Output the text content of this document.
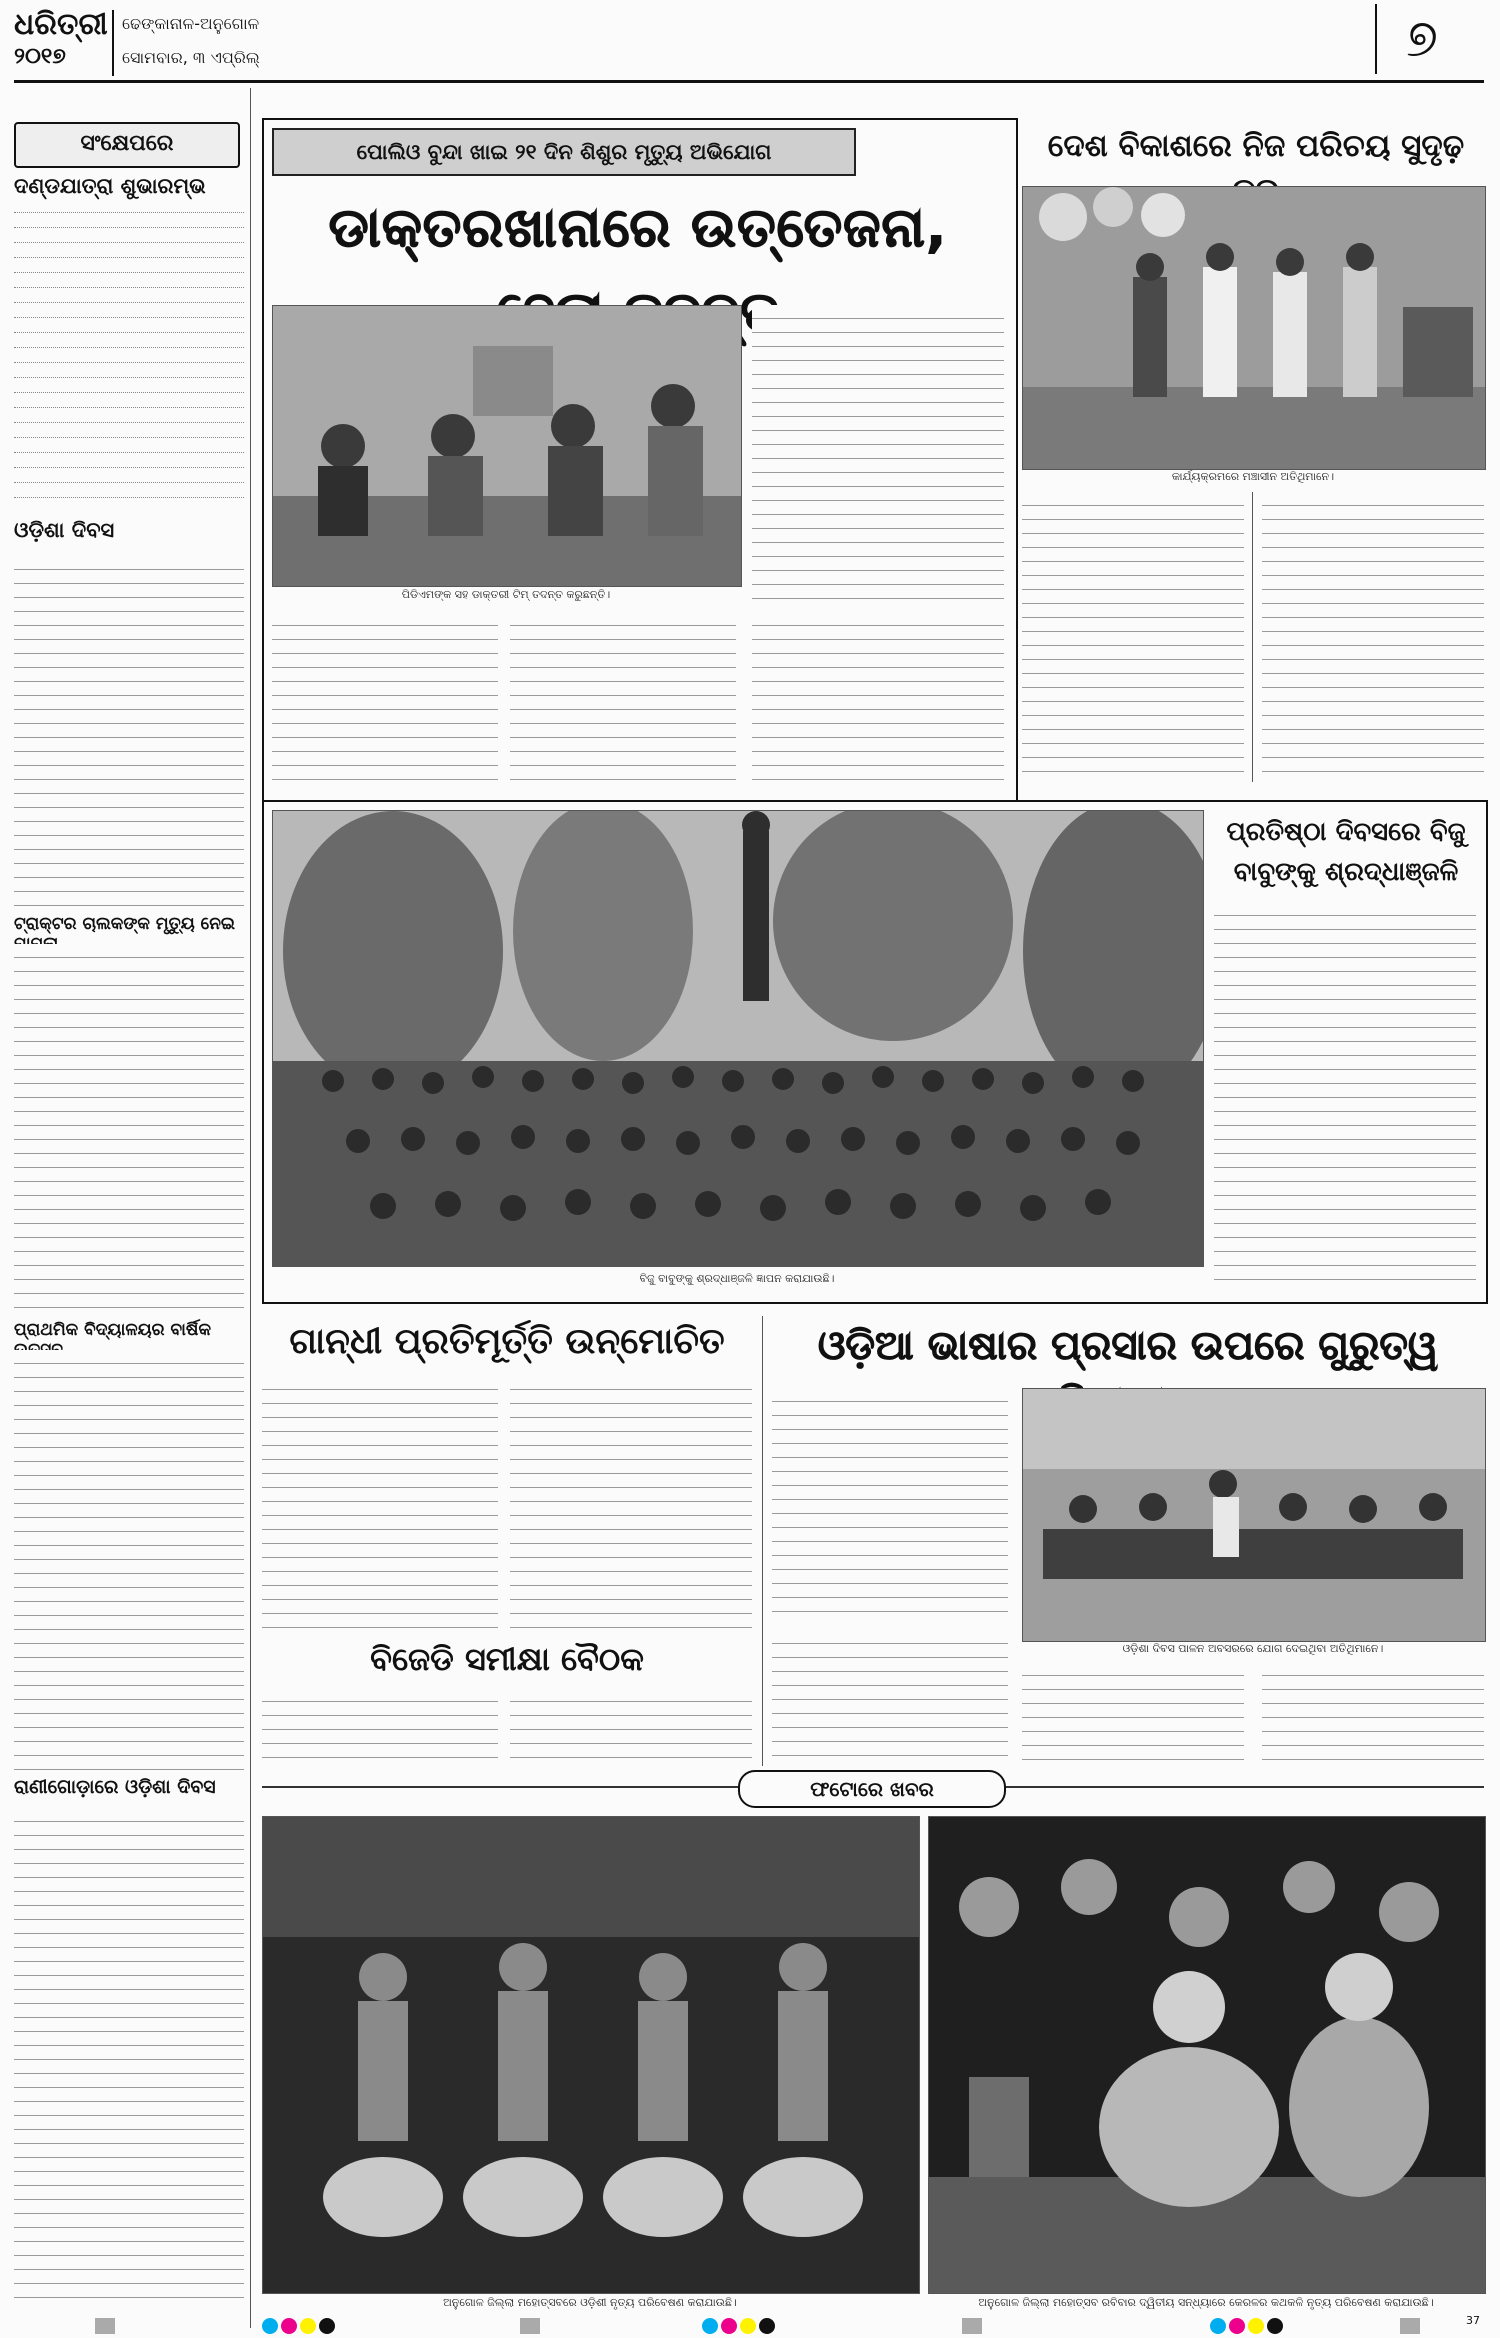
ଧରିତ୍ରୀ
୨୦୧୭
ଢେଙ୍କାନାଳ-ଅନୁଗୋଳ
ସୋମବାର, ୩ ଏପ୍ରିଲ୍	୭
ସଂକ୍ଷେପରେ
ଦଣ୍ଡଯାତ୍ରା ଶୁଭାରମ୍ଭ
ଓଡ଼ିଶା ଦିବସ
ଟ୍ରାକ୍ଟର ଚାଲକଙ୍କ ମୃତ୍ୟୁ ନେଇ
ପ୍ରାଥମିକ ବିଦ୍ୟାଳୟର ବାର୍ଷିକ
ରାଣୀଗୋଡ଼ାରେ ଓଡ଼ିଶା ଦିବସ
ପୋଲିଓ ବୁନ୍ଦା ଖାଇ ୨୧ ଦିନ ଶିଶୁର ମୃତ୍ୟୁ ଅଭିଯୋଗ
ଡାକ୍ତରଖାନାରେ ଉତ୍ତେଜନା,
ପିଡିଏମଙ୍କ ସହ ଡାକ୍ତରୀ ଟିମ୍ ତଦନ୍ତ କରୁଛନ୍ତି।
ଦେଶ ବିକାଶରେ ନିଜ ପରିଚୟ ସୁଦୃଢ଼
କାର୍ଯ୍ୟକ୍ରମରେ ମଞ୍ଚାସୀନ ଅତିଥିମାନେ।
ବିଜୁ ବାବୁଙ୍କୁ ଶ୍ରଦ୍ଧାଞ୍ଜଳି ଜ୍ଞାପନ କରାଯାଉଛି।
ପ୍ରତିଷ୍ଠା ଦିବସରେ ବିଜୁ
ବାବୁଙ୍କୁ ଶ୍ରଦ୍ଧାଞ୍ଜଳି
ଗାନ୍ଧୀ ପ୍ରତିମୂର୍ତ୍ତି ଉନ୍ମୋଚିତ
ବିଜେଡି ସମୀକ୍ଷା ବୈଠକ
ଓଡ଼ିଆ ଭାଷାର ପ୍ରସାର ଉପରେ ଗୁରୁତ୍ୱ
ଓଡ଼ିଶା ଦିବସ ପାଳନ ଅବସରରେ ଯୋଗ ଦେଇଥିବା ଅତିଥିମାନେ।
ଫଟୋରେ ଖବର
ଅନୁଗୋଳ ଜିଲ୍ଲା ମହୋତ୍ସବରେ ଓଡ଼ିଶୀ ନୃତ୍ୟ ପରିବେଷଣ କରାଯାଉଛି।	ଅନୁଗୋଳ ଜିଲ୍ଲା ମହୋତ୍ସବ ରବିବାର ଦ୍ୱିତୀୟ ସନ୍ଧ୍ୟାରେ କେରଳର କଥକଳି ନୃତ୍ୟ ପରିବେଷଣ କରାଯାଉଛି।
37
